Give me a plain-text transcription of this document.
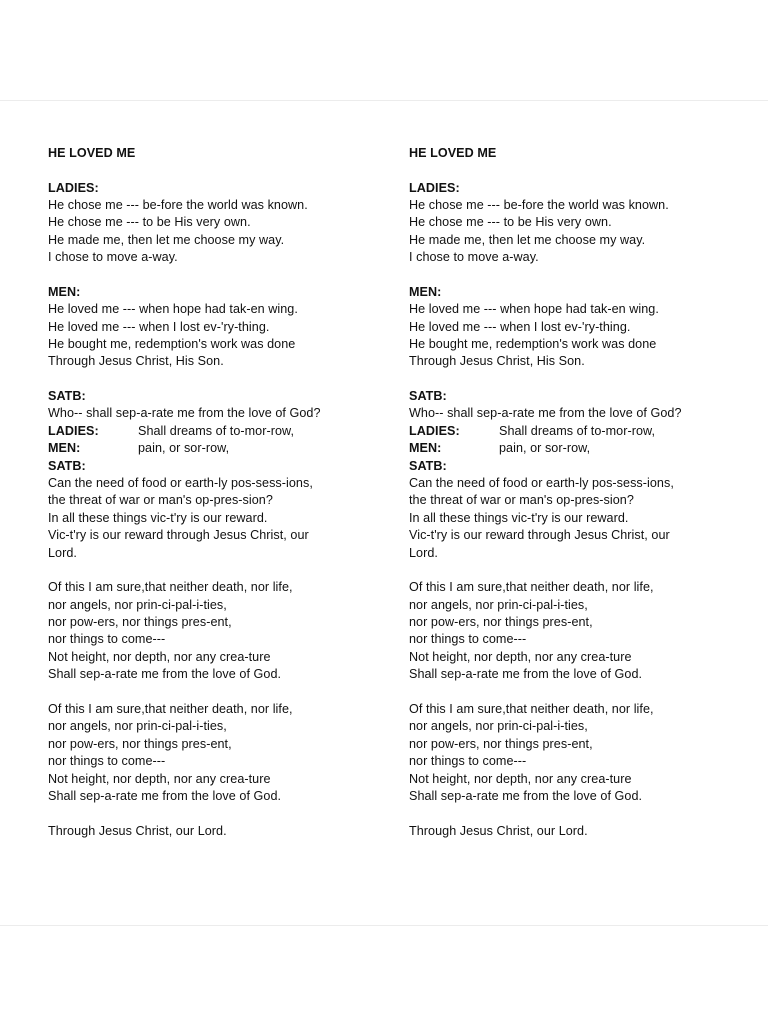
HE LOVED ME
LADIES:
He chose me --- be-fore the world was known.
He chose me --- to be His very own.
He made me, then let me choose my way.
I chose to move a-way.
MEN:
He loved me --- when hope had tak-en wing.
He loved me --- when I lost ev-'ry-thing.
He bought me, redemption's work was done
Through Jesus Christ, His Son.
SATB:
Who-- shall sep-a-rate me from the love of God?
LADIES:	Shall dreams of to-mor-row,
MEN:	pain, or sor-row,
SATB:
Can the need of food or earth-ly pos-sess-ions,
the threat of war or man's op-pres-sion?
In all these things vic-t'ry is our reward.
Vic-t'ry is our reward through Jesus Christ, our
Lord.
Of this I am sure,that neither death, nor life,
nor angels, nor prin-ci-pal-i-ties,
nor pow-ers, nor things pres-ent,
nor things to come---
Not height, nor depth, nor any crea-ture
Shall sep-a-rate me from the love of God.
Of this I am sure,that neither death, nor life,
nor angels, nor prin-ci-pal-i-ties,
nor pow-ers, nor things pres-ent,
nor things to come---
Not height, nor depth, nor any crea-ture
Shall sep-a-rate me from the love of God.
Through Jesus Christ, our Lord.
HE LOVED ME
LADIES:
He chose me --- be-fore the world was known.
He chose me --- to be His very own.
He made me, then let me choose my way.
I chose to move a-way.
MEN:
He loved me --- when hope had tak-en wing.
He loved me --- when I lost ev-'ry-thing.
He bought me, redemption's work was done
Through Jesus Christ, His Son.
SATB:
Who-- shall sep-a-rate me from the love of God?
LADIES:	Shall dreams of to-mor-row,
MEN:	pain, or sor-row,
SATB:
Can the need of food or earth-ly pos-sess-ions,
the threat of war or man's op-pres-sion?
In all these things vic-t'ry is our reward.
Vic-t'ry is our reward through Jesus Christ, our
Lord.
Of this I am sure,that neither death, nor life,
nor angels, nor prin-ci-pal-i-ties,
nor pow-ers, nor things pres-ent,
nor things to come---
Not height, nor depth, nor any crea-ture
Shall sep-a-rate me from the love of God.
Of this I am sure,that neither death, nor life,
nor angels, nor prin-ci-pal-i-ties,
nor pow-ers, nor things pres-ent,
nor things to come---
Not height, nor depth, nor any crea-ture
Shall sep-a-rate me from the love of God.
Through Jesus Christ, our Lord.
